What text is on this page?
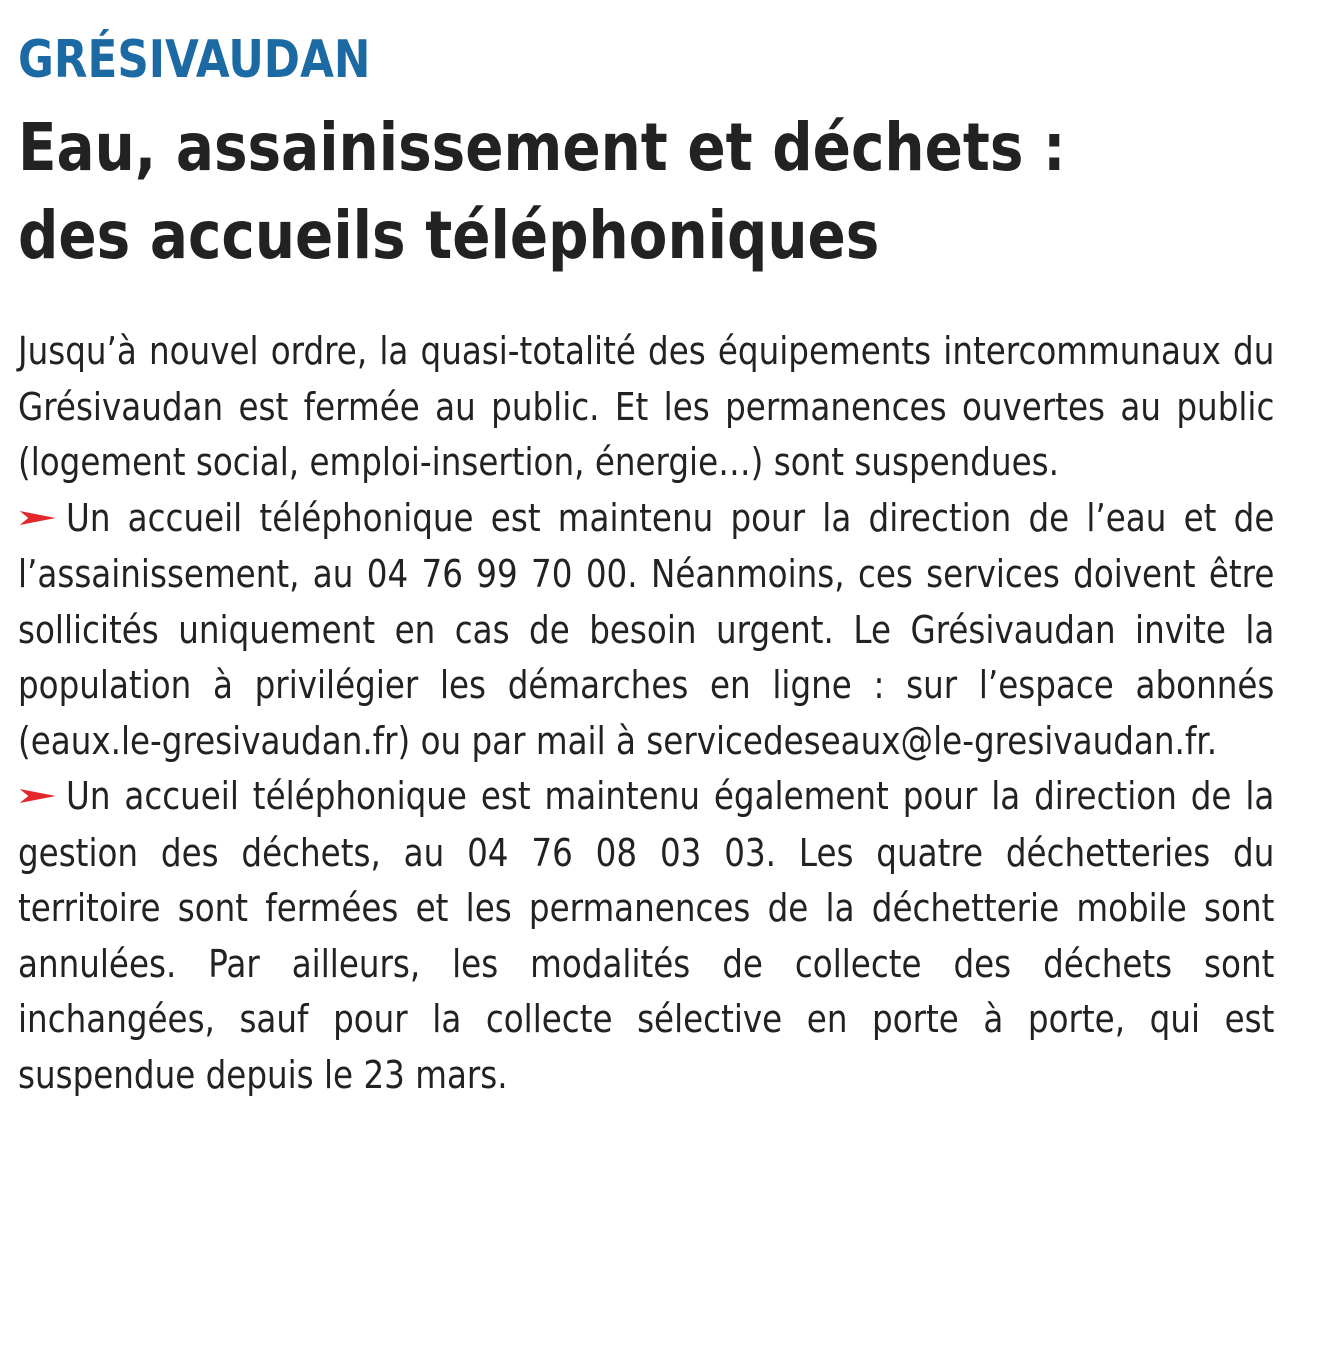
GRÉSIVAUDAN
Eau, assainissement et déchets :
des accueils téléphoniques

Jusqu’à nouvel ordre, la quasi-totalité des équipements intercommunaux du Grésivaudan est fermée au public. Et les permanences ouvertes au public (logement social, emploi-insertion, énergie…) sont suspendues.

Un accueil téléphonique est maintenu pour la direction de l’eau et de l’assainissement, au 04 76 99 70 00. Néanmoins, ces services doivent être sollicités uniquement en cas de besoin urgent. Le Grésivaudan invite la population à privilégier les démarches en ligne : sur l’espace abonnés (eaux.le-gresivaudan.fr) ou par mail à servicedeseaux@le-gresivaudan.fr.

Un accueil téléphonique est maintenu également pour la direction de la gestion des déchets, au 04 76 08 03 03. Les quatre déchetteries du territoire sont fermées et les permanences de la déchetterie mobile sont annulées. Par ailleurs, les modalités de collecte des déchets sont inchangées, sauf pour la collecte sélective en porte à porte, qui est suspendue depuis le 23 mars.
